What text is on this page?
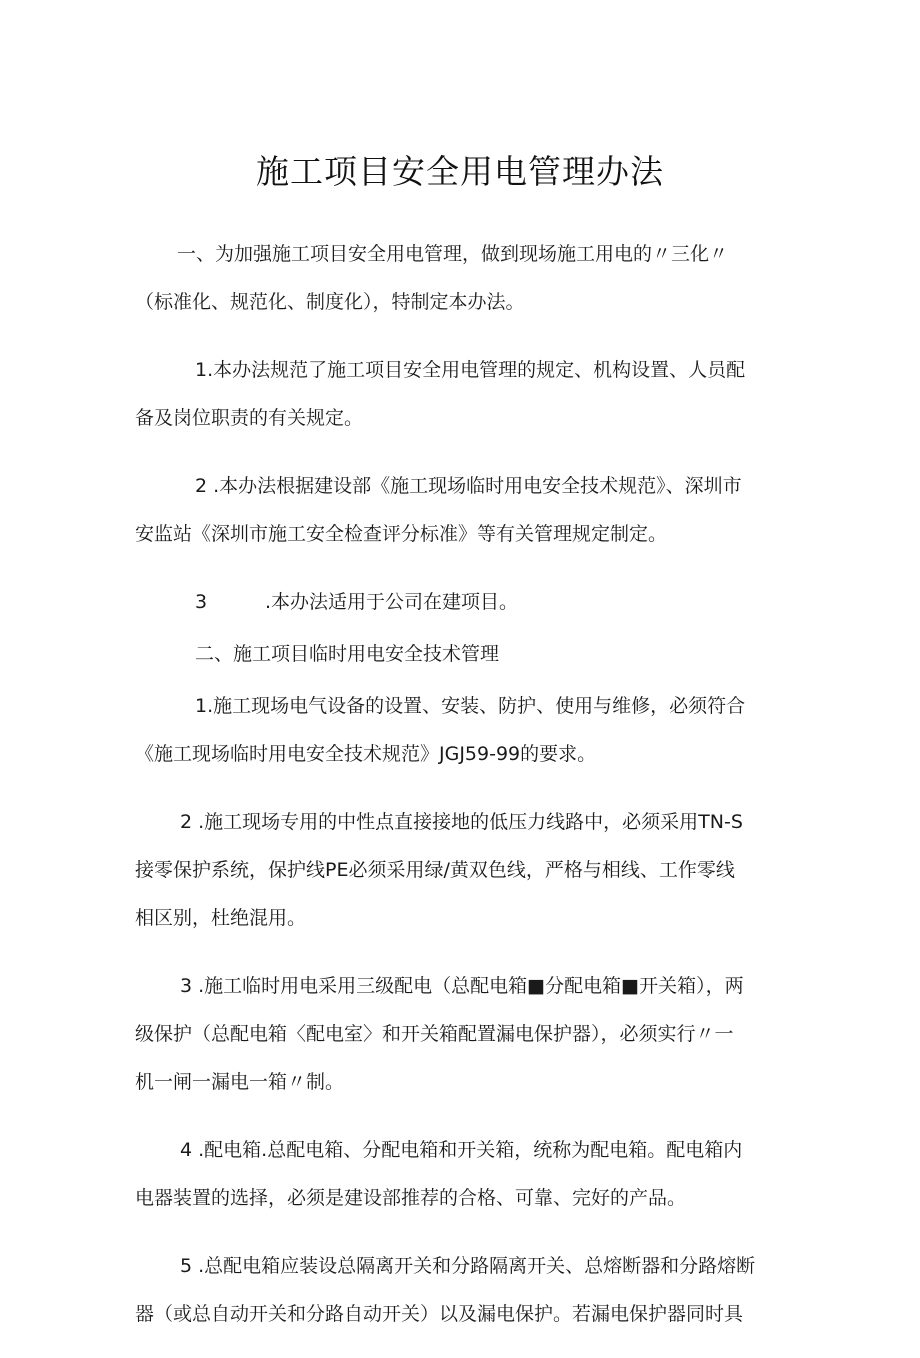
施工项目安全用电管理办法
一、为加强施工项目安全用电管理，做到现场施工用电的〃三化〃
（标准化、规范化、制度化），特制定本办法。
1.本办法规范了施工项目安全用电管理的规定、机构设置、人员配
备及岗位职责的有关规定。
2 .本办法根据建设部《施工现场临时用电安全技术规范》、深圳市
安监站《深圳市施工安全检查评分标准》等有关管理规定制定。
3	.本办法适用于公司在建项目。
二、施工项目临时用电安全技术管理
1.施工现场电气设备的设置、安装、防护、使用与维修，必须符合
《施工现场临时用电安全技术规范》JGJ59-99的要求。
2 .施工现场专用的中性点直接接地的低压力线路中，必须采用TN-S
接零保护系统，保护线PE必须采用绿/黄双色线，严格与相线、工作零线
相区别，杜绝混用。
3 .施工临时用电采用三级配电（总配电箱■分配电箱■开关箱），两
级保护（总配电箱〈配电室〉和开关箱配置漏电保护器），必须实行〃一
机一闸一漏电一箱〃制。
4 .配电箱.总配电箱、分配电箱和开关箱，统称为配电箱。配电箱内
电器装置的选择，必须是建设部推荐的合格、可靠、完好的产品。
5 .总配电箱应装设总隔离开关和分路隔离开关、总熔断器和分路熔断
器（或总自动开关和分路自动开关）以及漏电保护。若漏电保护器同时具
